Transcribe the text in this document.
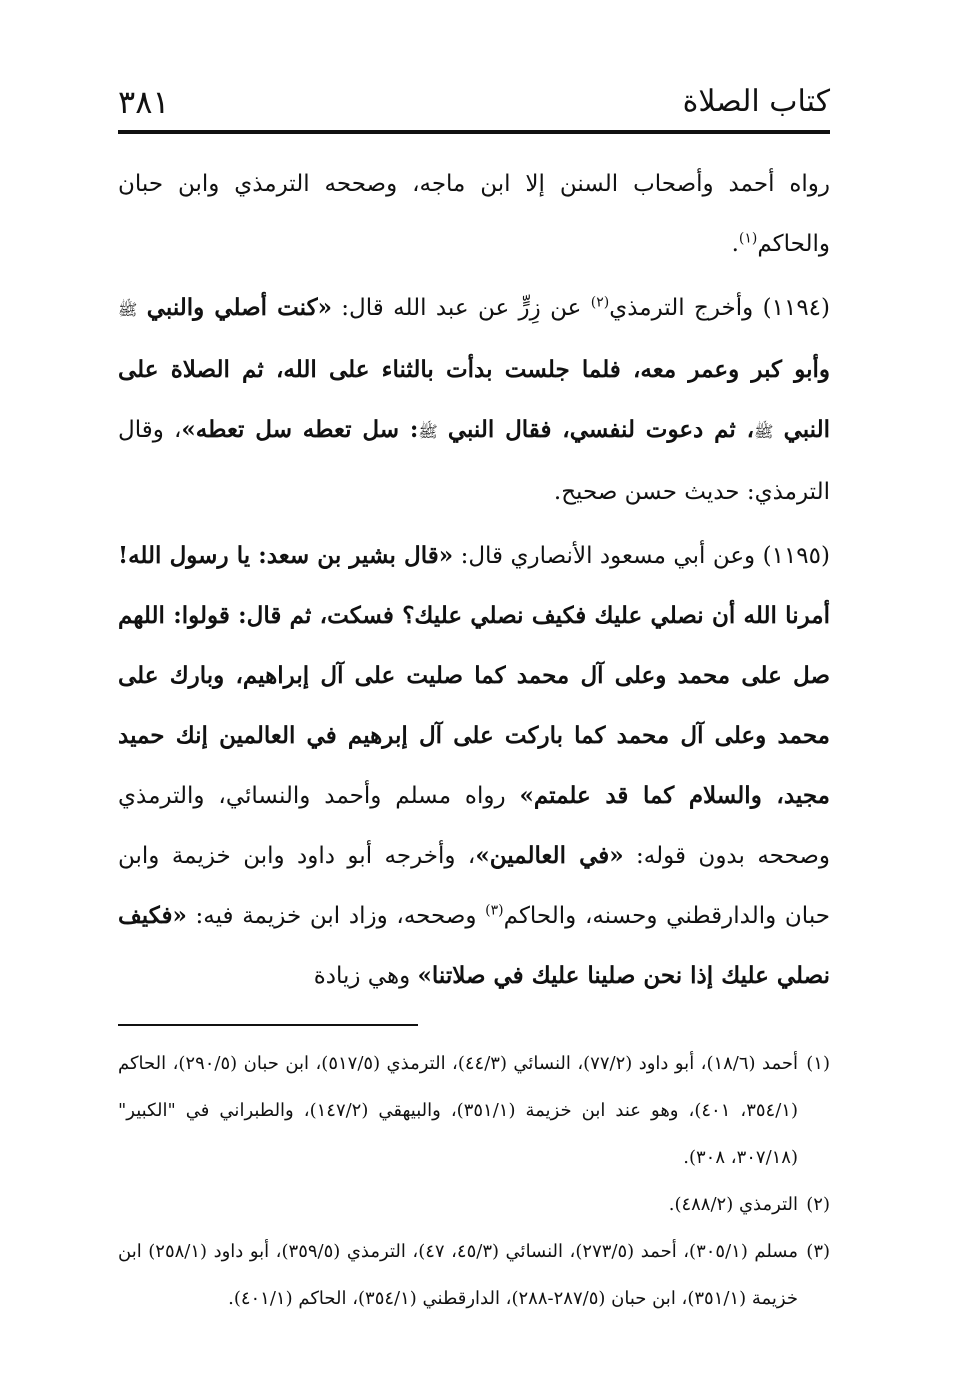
كتاب الصلاة
٣٨١

رواه أحمد وأصحاب السنن إلا ابن ماجه، وصححه الترمذي وابن حبان والحاكم$^{(١)}$.

(١١٩٤) وأخرج الترمذي$^{(٢)}$ عن زِرٍّ عن عبد الله قال: «كنت أصلي والنبي ﷺ وأبو كبر وعمر معه، فلما جلست بدأت بالثناء على الله، ثم الصلاة على النبي ﷺ، ثم دعوت لنفسي، فقال النبي ﷺ: سل تعطه سل تعطه»، وقال الترمذي: حديث حسن صحيح.

(١١٩٥) وعن أبي مسعود الأنصاري قال: «قال بشير بن سعد: يا رسول الله! أمرنا الله أن نصلي عليك فكيف نصلي عليك؟ فسكت، ثم قال: قولوا: اللهم صل على محمد وعلى آل محمد كما صليت على آل إبراهيم، وبارك على محمد وعلى آل محمد كما باركت على آل إبرهيم في العالمين إنك حميد مجيد، والسلام كما قد علمتم» رواه مسلم وأحمد والنسائي، والترمذي وصححه بدون قوله: «في العالمين»، وأخرجه أبو داود وابن خزيمة وابن حبان والدارقطني وحسنه، والحاكم$^{(٣)}$ وصححه، وزاد ابن خزيمة فيه: «فكيف نصلي عليك إذا نحن صلينا عليك في صلاتنا» وهي زيادة

(١)أحمد (١٨/٦)، أبو داود (٧٧/٢)، النسائي (٤٤/٣)، الترمذي (٥١٧/٥)، ابن حبان (٢٩٠/٥)، الحاكم (٣٥٤/١، ٤٠١)، وهو عند ابن خزيمة (٣٥١/١)، والبيهقي (١٤٧/٢)، والطبراني في "الكبير" (٣٠٧/١٨، ٣٠٨).
(٢)الترمذي (٤٨٨/٢).
(٣)مسلم (٣٠٥/١)، أحمد (٢٧٣/٥)، النسائي (٤٥/٣، ٤٧)، الترمذي (٣٥٩/٥)، أبو داود (٢٥٨/١) ابن خزيمة (٣٥١/١)، ابن حبان (٢٨٧/٥-٢٨٨)، الدارقطني (٣٥٤/١)، الحاكم (٤٠١/١).
